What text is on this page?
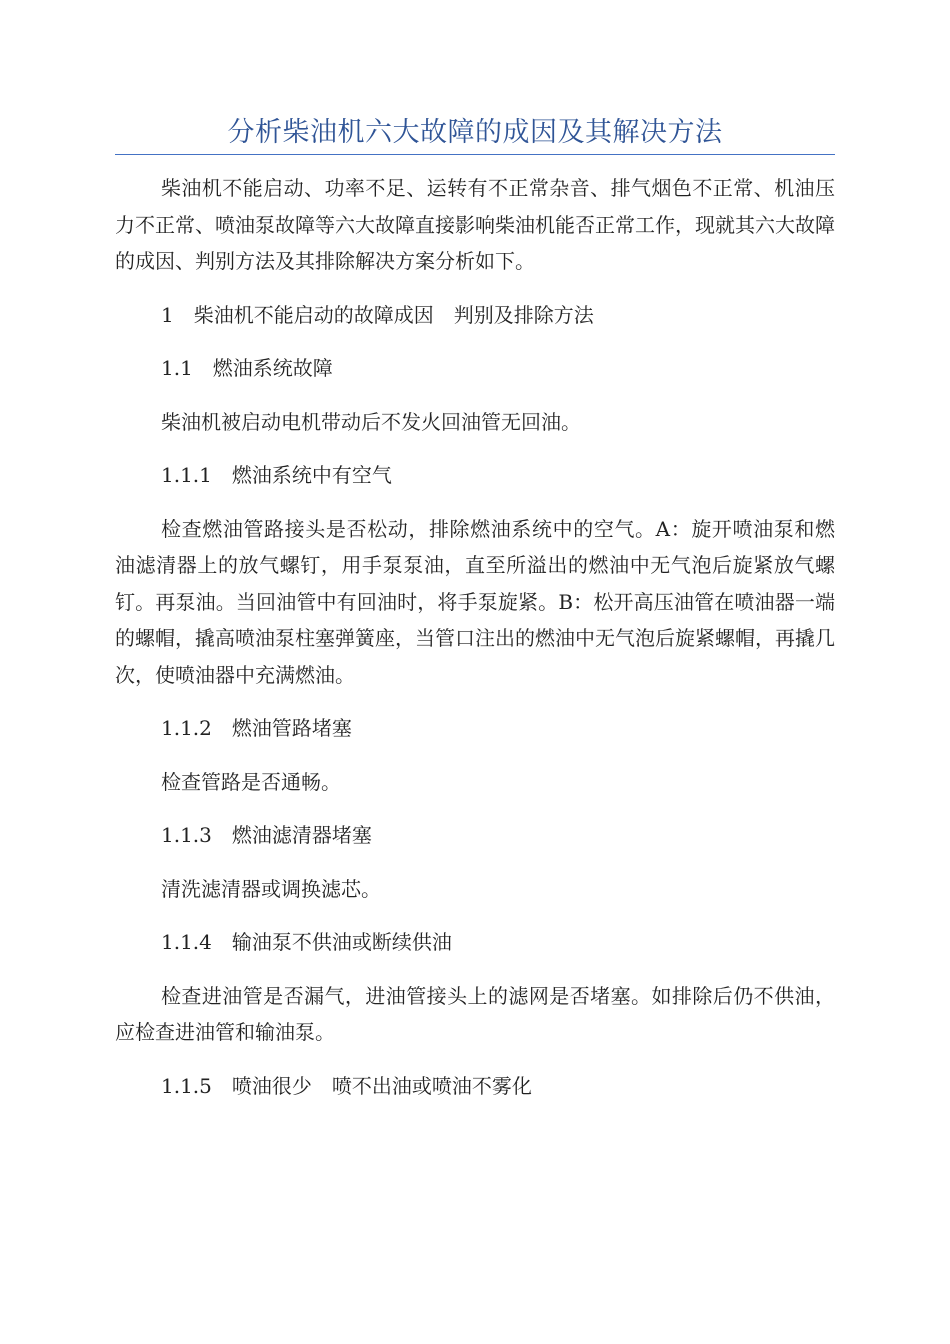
分析柴油机六大故障的成因及其解决方法

柴油机不能启动、功率不足、运转有不正常杂音、排气烟色不正常、机油压力不正常、喷油泵故障等六大故障直接影响柴油机能否正常工作，现就其六大故障的成因、判别方法及其排除解决方案分析如下。

1　柴油机不能启动的故障成因　判别及排除方法
1.1　燃油系统故障

柴油机被启动电机带动后不发火回油管无回油。

1.1.1　燃油系统中有空气

检查燃油管路接头是否松动，排除燃油系统中的空气。A：旋开喷油泵和燃油滤清器上的放气螺钉，用手泵泵油，直至所溢出的燃油中无气泡后旋紧放气螺钉。再泵油。当回油管中有回油时，将手泵旋紧。B：松开高压油管在喷油器一端的螺帽，撬高喷油泵柱塞弹簧座，当管口注出的燃油中无气泡后旋紧螺帽，再撬几次，使喷油器中充满燃油。

1.1.2　燃油管路堵塞

检查管路是否通畅。

1.1.3　燃油滤清器堵塞

清洗滤清器或调换滤芯。

1.1.4　输油泵不供油或断续供油

检查进油管是否漏气，进油管接头上的滤网是否堵塞。如排除后仍不供油，应检查进油管和输油泵。

1.1.5　喷油很少　喷不出油或喷油不雾化
